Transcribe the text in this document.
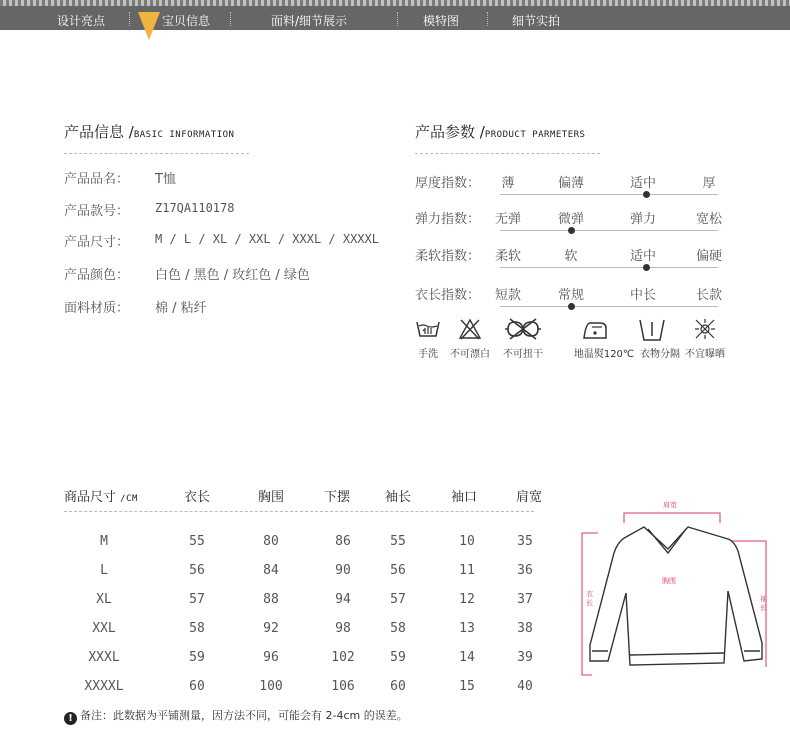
设计亮点	宝贝信息	面料/细节展示	模特图	细节实拍
产品信息 /BASIC INFORMATION
产品品名： T恤
产品款号： Z17QA110178
产品尺寸： M / L / XL / XXL / XXXL / XXXXL
产品颜色： 白色 / 黑色 / 玫红色 / 绿色
面料材质： 棉 / 粘纤
产品参数 /PRODUCT PARMETERS
厚度指数： 薄	偏薄	适中	厚
弹力指数： 无弹	微弹	弹力	宽松
柔软指数： 柔软	软	适中	偏硬
衣长指数： 短款	常规	中长	长款
手洗 不可漂白 不可扭干	地温熨120℃ 衣物分隔 不宜曝晒
商品尺寸 /CM	衣长	胸围	下摆	袖长	袖口	肩宽
M	55	80	86	55	10	35
L	56	84	90	56	11	36
XL	57	88	94	57	12	37
XXL	58	92	98	58	13	38
XXXL	59	96	102	59	14	39
XXXXL	60	100	106	60	15	40
肩宽
胸围
衣长	袖长
! 备注：此数据为平铺测量，因方法不同，可能会有 2-4cm 的误差。
